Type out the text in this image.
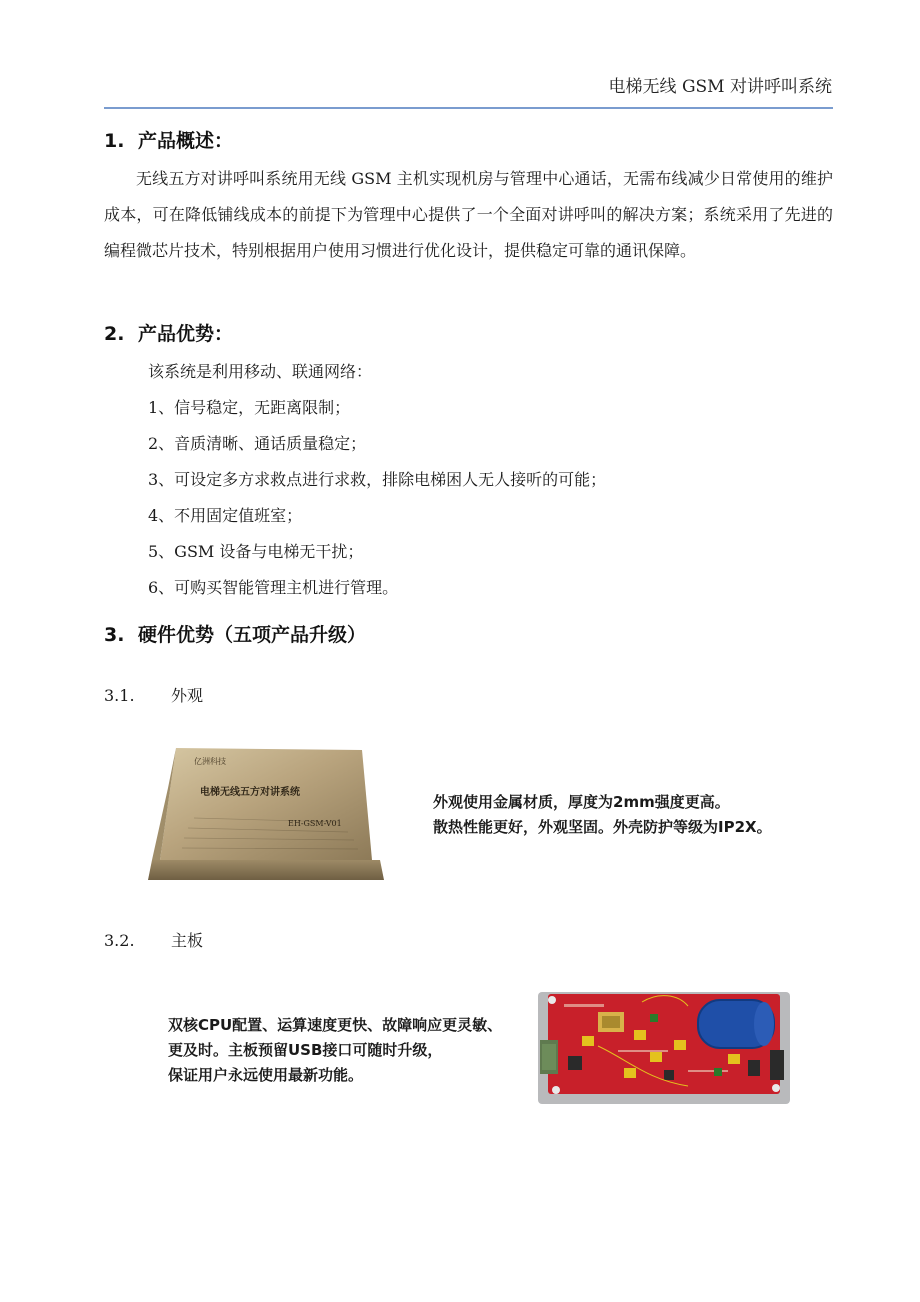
电梯无线 GSM 对讲呼叫系统
1. 产品概述：

无线五方对讲呼叫系统用无线 GSM 主机实现机房与管理中心通话，无需布线减少日常使用的维护成本，可在降低铺线成本的前提下为管理中心提供了一个全面对讲呼叫的解决方案；系统采用了先进的编程微芯片技术，特别根据用户使用习惯进行优化设计，提供稳定可靠的通讯保障。

2. 产品优势：
该系统是利用移动、联通网络：
1、信号稳定，无距离限制；
2、音质清晰、通话质量稳定；
3、可设定多方求救点进行求救，排除电梯困人无人接听的可能；
4、不用固定值班室；
5、GSM 设备与电梯无干扰；
6、可购买智能管理主机进行管理。
3. 硬件优势（五项产品升级）
3.1. 外观
亿洲科技
电梯无线五方对讲系统
EH-GSM-V01
外观使用金属材质，厚度为2mm强度更高。
散热性能更好，外观坚固。外壳防护等级为IP2X。
3.2. 主板
双核CPU配置、运算速度更快、故障响应更灵敏、
更及时。主板预留USB接口可随时升级，
保证用户永远使用最新功能。
